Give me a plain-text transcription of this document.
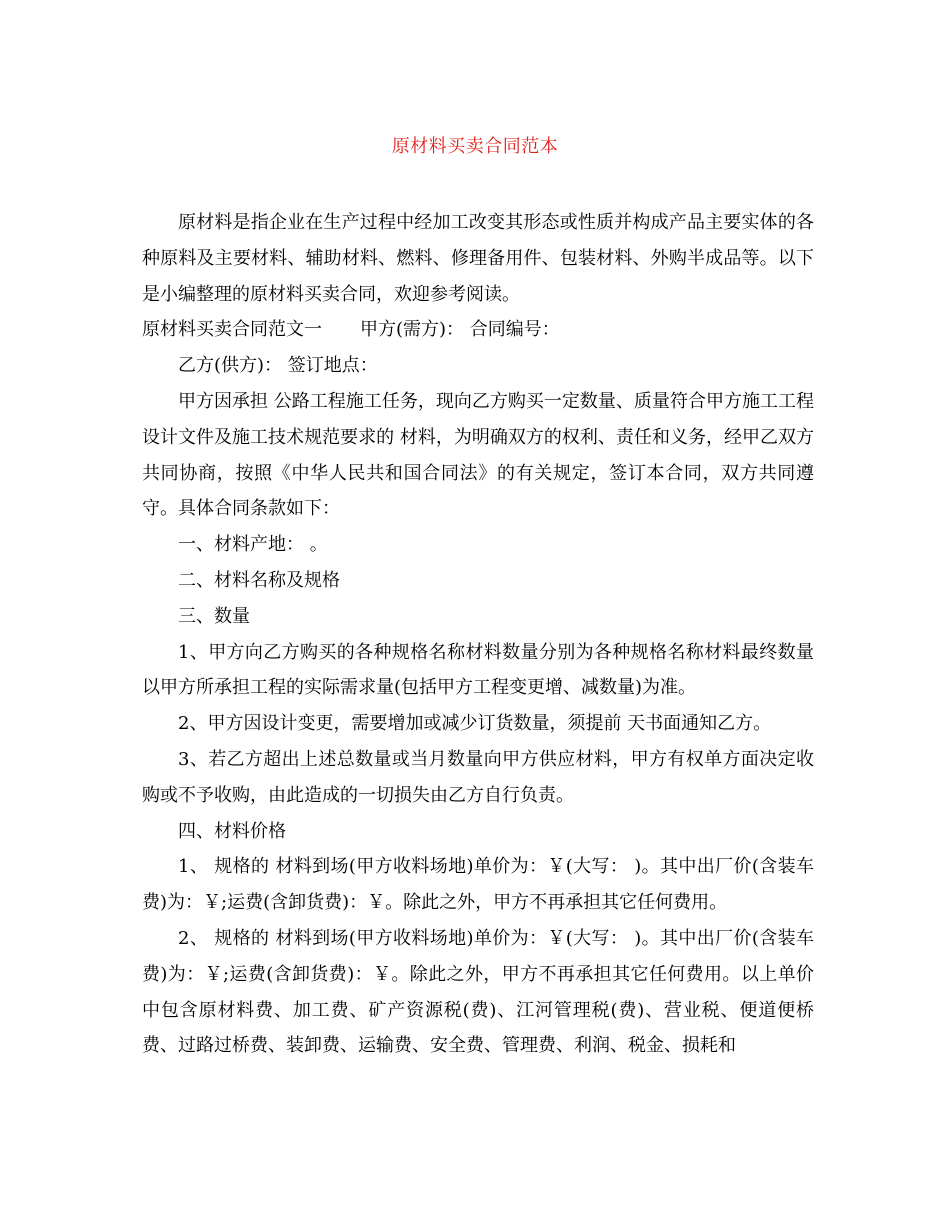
原材料买卖合同范本

原材料是指企业在生产过程中经加工改变其形态或性质并构成产品主要实体的各种原料及主要材料、辅助材料、燃料、修理备用件、包装材料、外购半成品等。以下是小编整理的原材料买卖合同，欢迎参考阅读。

原材料买卖合同范文一 甲方(需方)： 合同编号：

乙方(供方)： 签订地点：

甲方因承担 公路工程施工任务，现向乙方购买一定数量、质量符合甲方施工工程设计文件及施工技术规范要求的 材料，为明确双方的权利、责任和义务，经甲乙双方共同协商，按照《中华人民共和国合同法》的有关规定，签订本合同，双方共同遵守。具体合同条款如下：

一、材料产地： 。

二、材料名称及规格

三、数量

1、甲方向乙方购买的各种规格名称材料数量分别为各种规格名称材料最终数量以甲方所承担工程的实际需求量(包括甲方工程变更增、减数量)为准。

2、甲方因设计变更，需要增加或减少订货数量，须提前 天书面通知乙方。

3、若乙方超出上述总数量或当月数量向甲方供应材料，甲方有权单方面决定收购或不予收购，由此造成的一切损失由乙方自行负责。

四、材料价格

1、 规格的 材料到场(甲方收料场地)单价为：￥(大写： )。其中出厂价(含装车费)为：￥;运费(含卸货费)：￥。除此之外，甲方不再承担其它任何费用。

2、 规格的 材料到场(甲方收料场地)单价为：￥(大写： )。其中出厂价(含装车费)为：￥;运费(含卸货费)：￥。除此之外，甲方不再承担其它任何费用。以上单价中包含原材料费、加工费、矿产资源税(费)、江河管理税(费)、营业税、便道便桥费、过路过桥费、装卸费、运输费、安全费、管理费、利润、税金、损耗和
